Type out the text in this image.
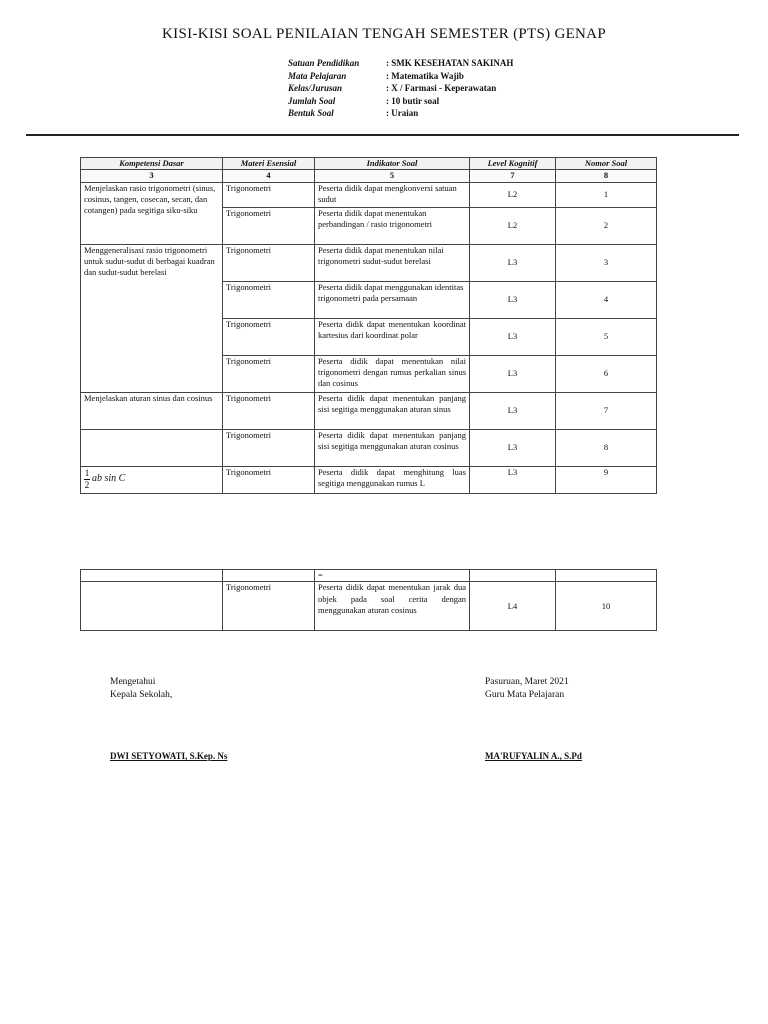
KISI-KISI SOAL PENILAIAN TENGAH SEMESTER (PTS) GENAP
Satuan Pendidikan	: SMK KESEHATAN SAKINAH
Mata Pelajaran	: Matematika Wajib
Kelas/Jurusan	: X / Farmasi - Keperawatan
Jumlah Soal	: 10 butir soal
Bentuk Soal	: Uraian
Kompetensi Dasar	Materi Esensial	Indikator Soal	Level Kognitif	Nomor Soal
3	4	5	7	8
Menjelaskan rasio trigonometri (sinus, cosinus, tangen, cosecan, secan, dan cotangen) pada segitiga siku-siku	Trigonometri	Peserta didik dapat mengkonversi satuan sudut	L2	1
	Trigonometri	Peserta didik dapat menentukan perbandingan / rasio trigonometri	L2	2
Menggeneralisasi rasio trigonometri untuk sudut-sudut di berbagai kuadran dan sudut-sudut berelasi	Trigonometri	Peserta didik dapat menentukan nilai trigonometri sudut-sudut berelasi	L3	3
	Trigonometri	Peserta didik dapat menggunakan identitas trigonometri pada persamaan	L3	4
	Trigonometri	Peserta didik dapat menentukan koordinat kartesius dari koordinat polar	L3	5
	Trigonometri	Peserta didik dapat menentukan nilai trigonometri dengan rumus perkalian sinus dan cosinus	L3	6
Menjelaskan aturan sinus dan cosinus	Trigonometri	Peserta didik dapat menentukan panjang sisi segitiga menggunakan aturan sinus	L3	7
	Trigonometri	Peserta didik dapat menentukan panjang sisi segitiga menggunakan aturan cosinus	L3	8

$\frac{1}{2}$ ab sin C	Trigonometri	Peserta didik dapat menghitung luas segitiga menggunakan rumus L	L3	9
		=		
	Trigonometri	Peserta didik dapat menentukan jarak dua objek pada soal cerita dengan menggunakan aturan cosinus	L4	10
Mengetahui
Kepala Sekolah,
DWI SETYOWATI, S.Kep. Ns
Pasuruan, Maret 2021
Guru Mata Pelajaran
MA'RUFYALIN A., S.Pd
